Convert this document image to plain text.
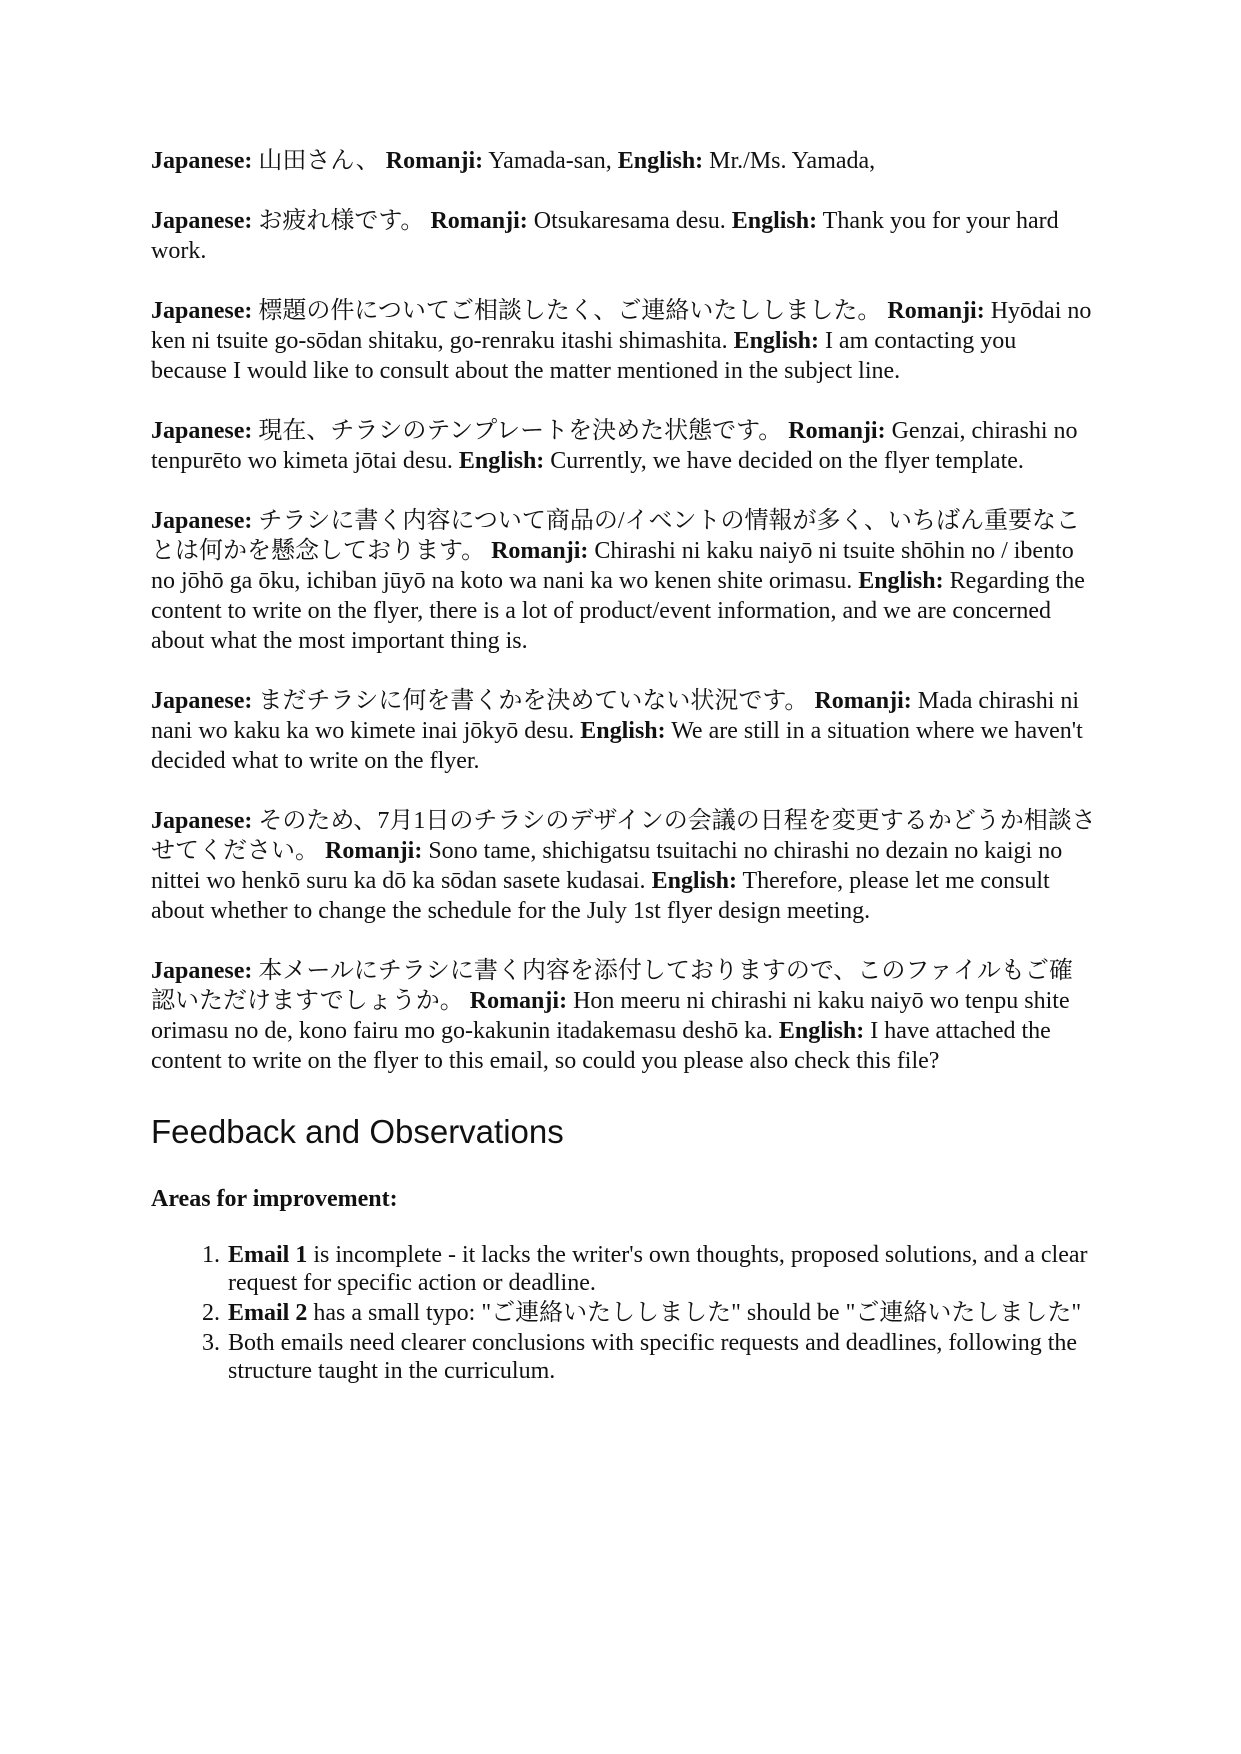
Japanese: 山田さん、 Romanji: Yamada-san, English: Mr./Ms. Yamada,

Japanese: お疲れ様です。 Romanji: Otsukaresama desu. English: Thank you for your hard work.

Japanese: 標題の件についてご相談したく、ご連絡いたししました。 Romanji: Hyōdai no ken ni tsuite go-sōdan shitaku, go-renraku itashi shimashita. English: I am contacting you because I would like to consult about the matter mentioned in the subject line.

Japanese: 現在、チラシのテンプレートを決めた状態です。 Romanji: Genzai, chirashi no tenpurēto wo kimeta jōtai desu. English: Currently, we have decided on the flyer template.

Japanese: チラシに書く内容について商品の/イベントの情報が多く、いちばん重要なことは何かを懸念しております。 Romanji: Chirashi ni kaku naiyō ni tsuite shōhin no / ibento no jōhō ga ōku, ichiban jūyō na koto wa nani ka wo kenen shite orimasu. English: Regarding the content to write on the flyer, there is a lot of product/event information, and we are concerned about what the most important thing is.

Japanese: まだチラシに何を書くかを決めていない状況です。 Romanji: Mada chirashi ni nani wo kaku ka wo kimete inai jōkyō desu. English: We are still in a situation where we haven't decided what to write on the flyer.

Japanese: そのため、7月1日のチラシのデザインの会議の日程を変更するかどうか相談させてください。 Romanji: Sono tame, shichigatsu tsuitachi no chirashi no dezain no kaigi no nittei wo henkō suru ka dō ka sōdan sasete kudasai. English: Therefore, please let me consult about whether to change the schedule for the July 1st flyer design meeting.

Japanese: 本メールにチラシに書く内容を添付しておりますので、このファイルもご確認いただけますでしょうか。 Romanji: Hon meeru ni chirashi ni kaku naiyō wo tenpu shite orimasu no de, kono fairu mo go-kakunin itadakemasu deshō ka. English: I have attached the content to write on the flyer to this email, so could you please also check this file?

Feedback and Observations

Areas for improvement:

1. Email 1 is incomplete - it lacks the writer's own thoughts, proposed solutions, and a clear request for specific action or deadline.
2. Email 2 has a small typo: "ご連絡いたししました" should be "ご連絡いたしました"
3. Both emails need clearer conclusions with specific requests and deadlines, following the structure taught in the curriculum.
